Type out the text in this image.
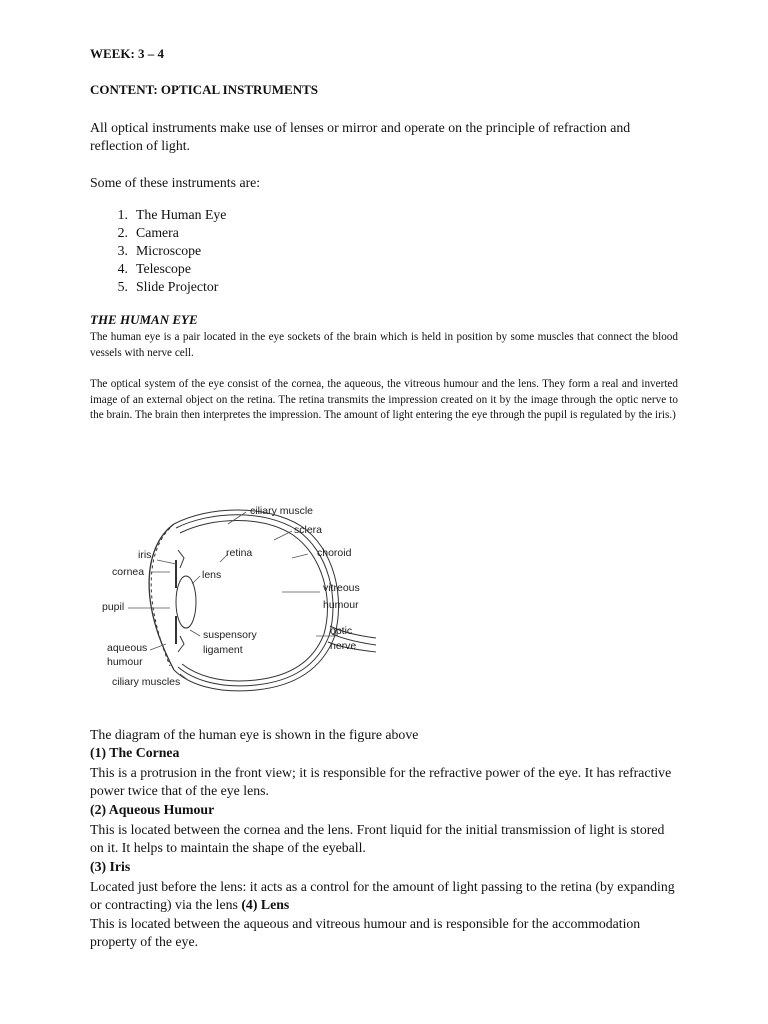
WEEK: 3 – 4
CONTENT: OPTICAL INSTRUMENTS
All optical instruments make use of lenses or mirror and operate on the principle of refraction and reflection of light.
Some of these instruments are:
1. The Human Eye
2. Camera
3. Microscope
4. Telescope
5. Slide Projector
THE HUMAN EYE
The human eye is a pair located in the eye sockets of the brain which is held in position by some muscles that connect the blood vessels with nerve cell.
The optical system of the eye consist of the cornea, the aqueous, the vitreous humour and the lens. They form a real and inverted image of an external object on the retina. The retina transmits the impression created on it by the image through the optic nerve to the brain. The brain then interpretes the impression. The amount of light entering the eye through the pupil is regulated by the iris.)
ciliary muscle
sclera
iris	retina	choroid
cornea	lens
vitreous
humour
pupil
optic
nerve
suspensory
ligament
aqueous
humour
ciliary muscles
The diagram of the human eye is shown in the figure above
(1) The Cornea
This is a protrusion in the front view; it is responsible for the refractive power of the eye. It has refractive power twice that of the eye lens.
(2) Aqueous Humour
This is located between the cornea and the lens. Front liquid for the initial transmission of light is stored on it. It helps to maintain the shape of the eyeball.
(3) Iris
Located just before the lens: it acts as a control for the amount of light passing to the retina (by expanding or contracting) via the lens (4) Lens
This is located between the aqueous and vitreous humour and is responsible for the accommodation property of the eye.
